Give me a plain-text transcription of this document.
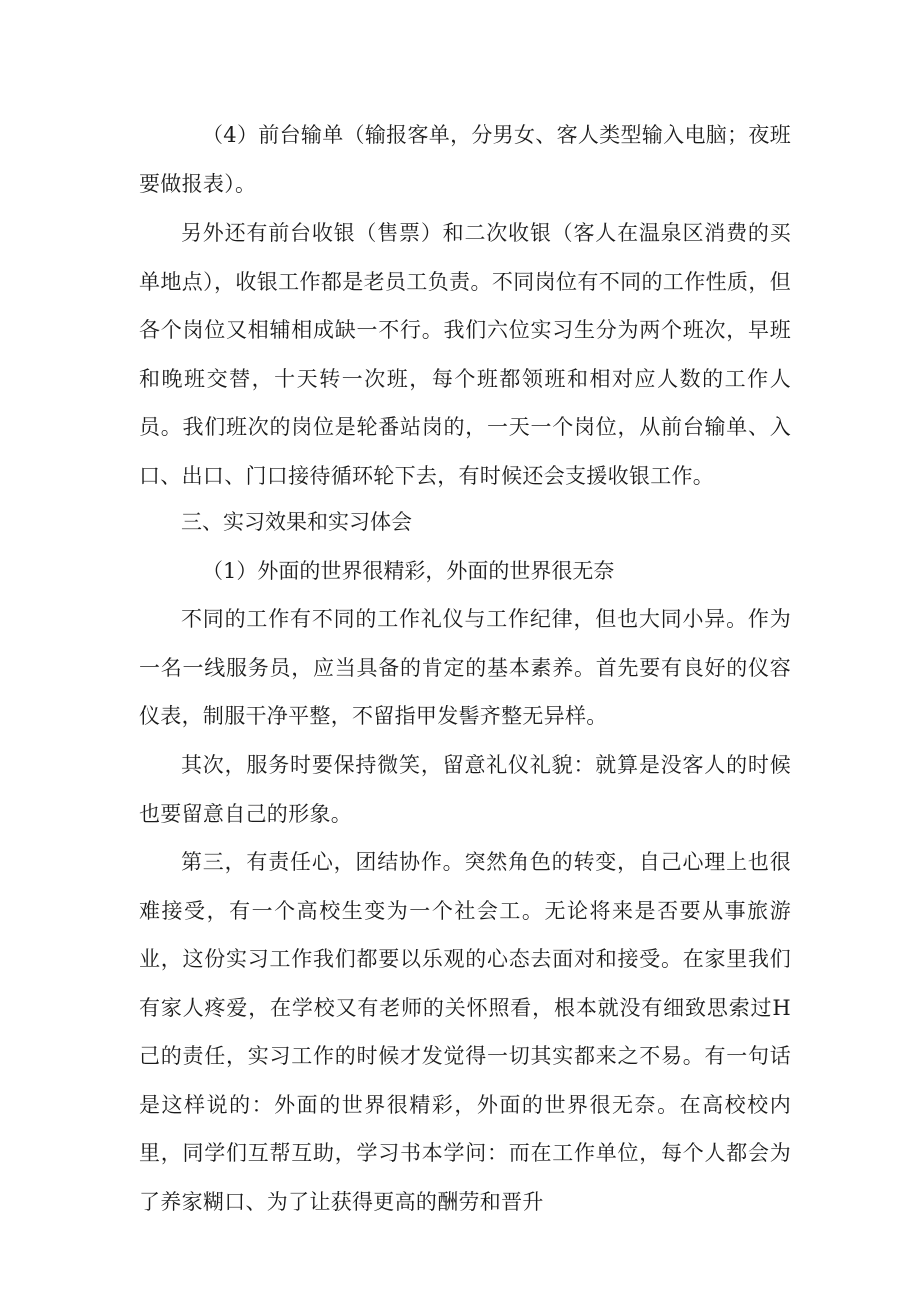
（4）前台输单（输报客单，分男女、客人类型输入电脑；夜班要做报表）。

另外还有前台收银（售票）和二次收银（客人在温泉区消费的买单地点），收银工作都是老员工负责。不同岗位有不同的工作性质，但各个岗位又相辅相成缺一不行。我们六位实习生分为两个班次，早班和晚班交替，十天转一次班，每个班都领班和相对应人数的工作人员。我们班次的岗位是轮番站岗的，一天一个岗位，从前台输单、入口、出口、门口接待循环轮下去，有时候还会支援收银工作。

三、实习效果和实习体会

（1）外面的世界很精彩，外面的世界很无奈

不同的工作有不同的工作礼仪与工作纪律，但也大同小异。作为一名一线服务员，应当具备的肯定的基本素养。首先要有良好的仪容仪表，制服干净平整，不留指甲发髻齐整无异样。

其次，服务时要保持微笑，留意礼仪礼貌：就算是没客人的时候也要留意自己的形象。

第三，有责任心，团结协作。突然角色的转变，自己心理上也很难接受，有一个高校生变为一个社会工。无论将来是否要从事旅游业，这份实习工作我们都要以乐观的心态去面对和接受。在家里我们有家人疼爱，在学校又有老师的关怀照看，根本就没有细致思索过H己的责任，实习工作的时候才发觉得一切其实都来之不易。有一句话是这样说的：外面的世界很精彩，外面的世界很无奈。在高校校内里，同学们互帮互助，学习书本学问：而在工作单位，每个人都会为了养家糊口、为了让获得更高的酬劳和晋升
